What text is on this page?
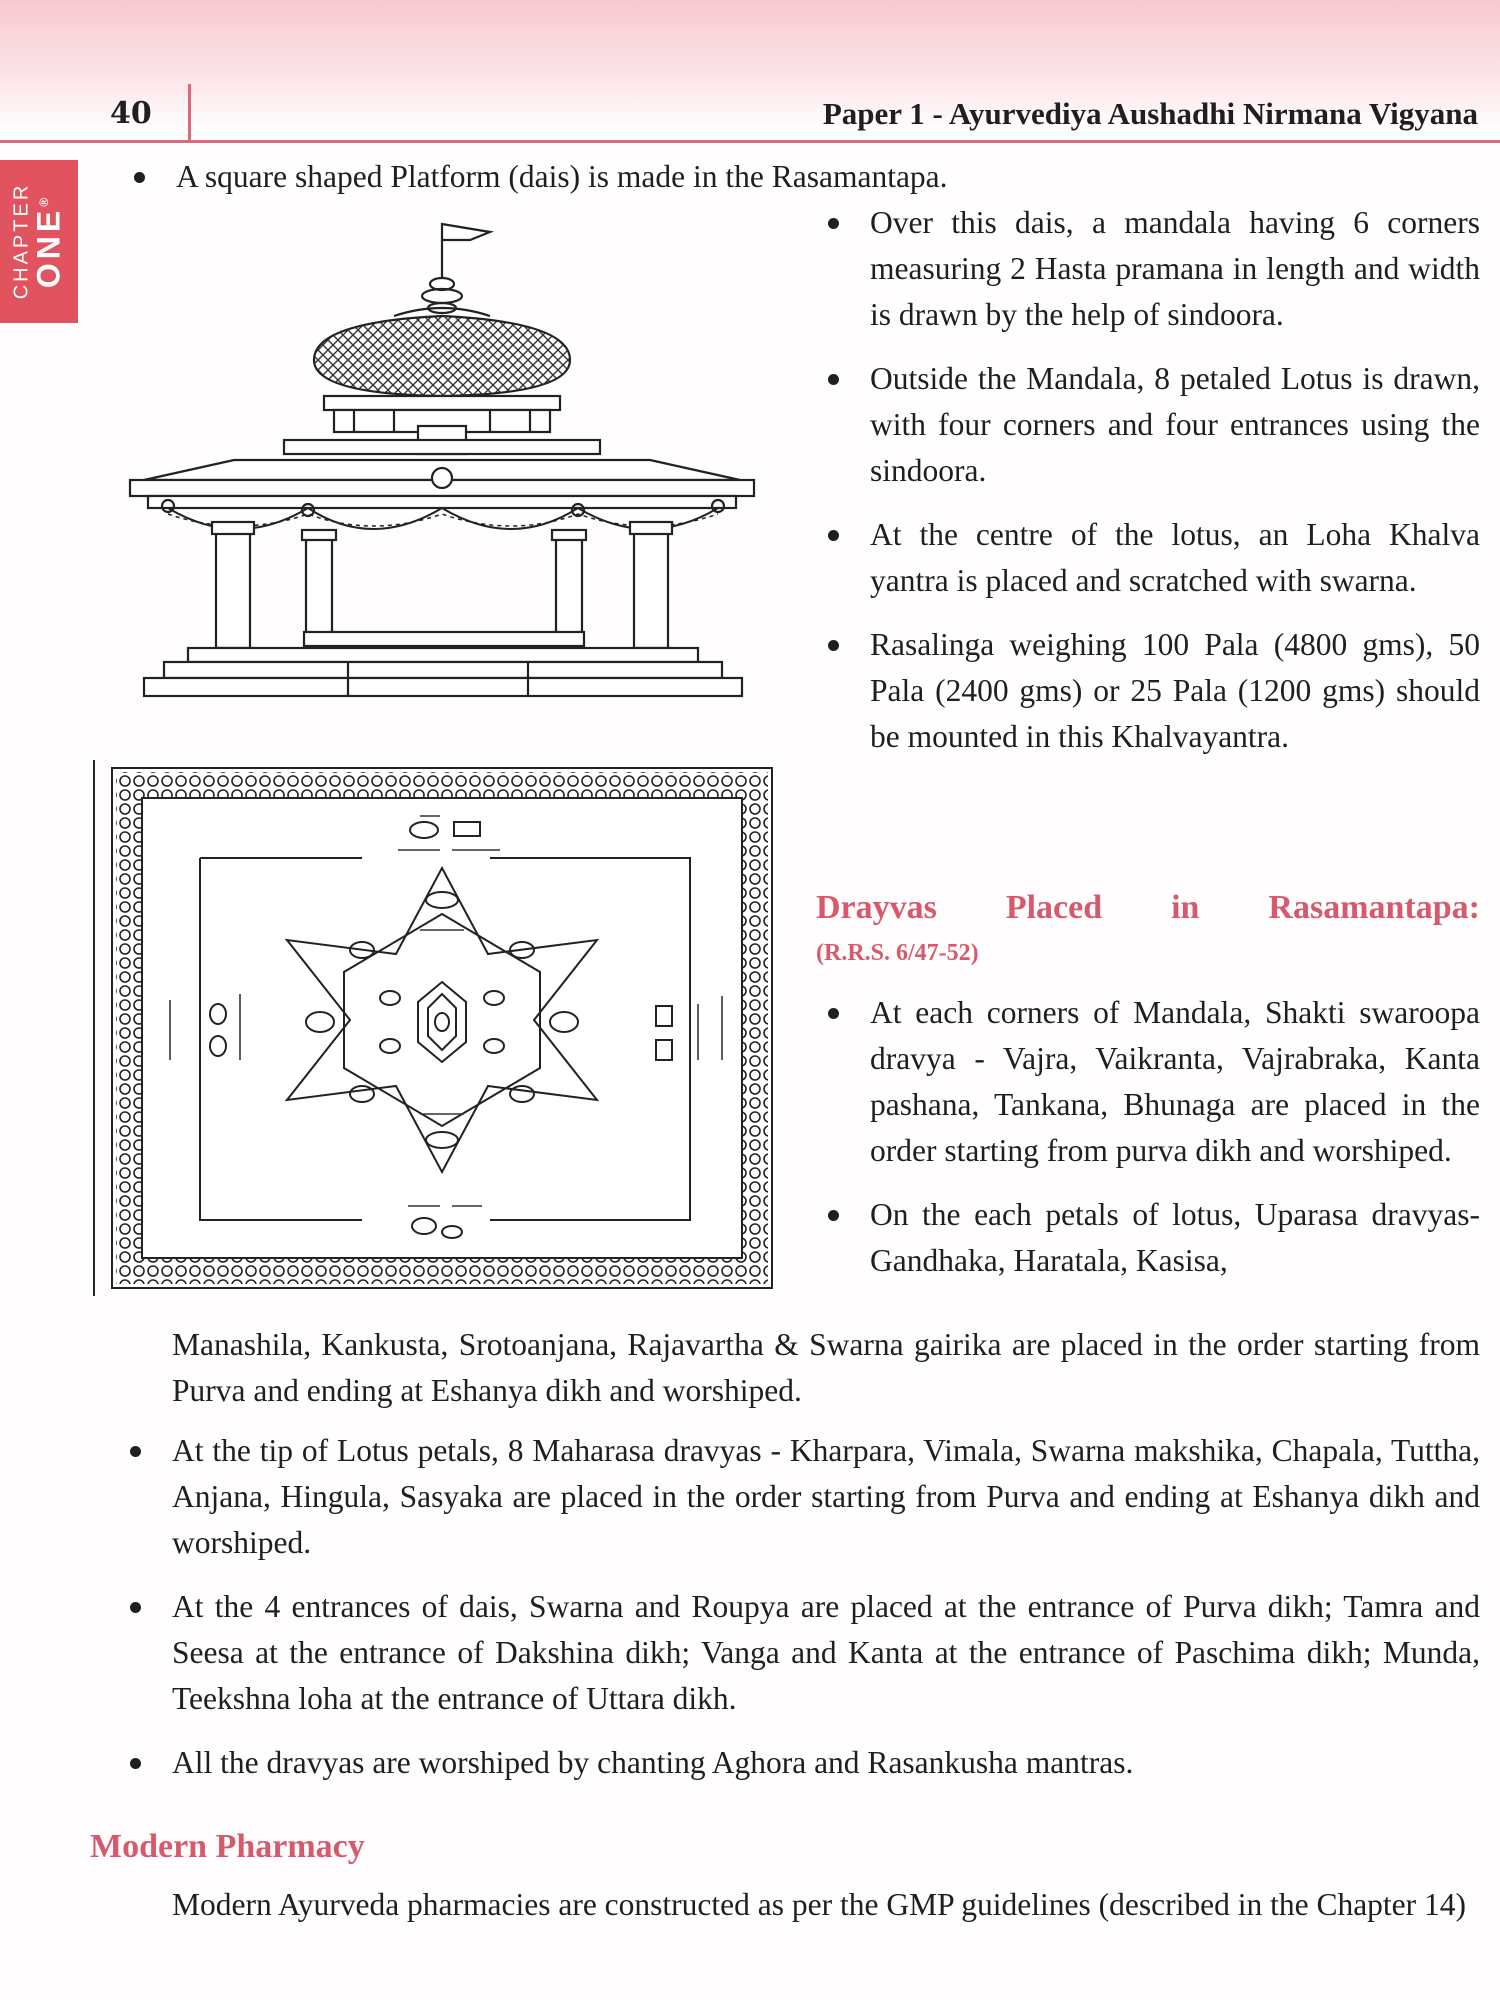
40	Paper 1 - Ayurvediya Aushadhi Nirmana Vigyana
CHAPTER
ONE®

A square shaped Platform (dais) is made in the Rasamantapa.

Over this dais, a mandala having 6 corners measuring 2 Hasta pramana in length and width is drawn by the help of sindoora.

Outside the Mandala, 8 petaled Lotus is drawn, with four corners and four entrances using the sindoora.

At the centre of the lotus, an Loha Khalva yantra is placed and scratched with swarna.

Rasalinga weighing 100 Pala (4800 gms), 50 Pala (2400 gms) or 25 Pala (1200 gms) should be mounted in this Khalvayantra.

Drayvas Placed in Rasamantapa:
(R.R.S. 6/47-52)

At each corners of Mandala, Shakti swaroopa dravya - Vajra, Vaikranta, Vajrabraka, Kanta pashana, Tankana, Bhunaga are placed in the order starting from purva dikh and worshiped.

On the each petals of lotus, Uparasa dravyas- Gandhaka, Haratala, Kasisa,

Manashila, Kankusta, Srotoanjana, Rajavartha & Swarna gairika are placed in the order starting from Purva and ending at Eshanya dikh and worshiped.

At the tip of Lotus petals, 8 Maharasa dravyas - Kharpara, Vimala, Swarna makshika, Chapala, Tuttha, Anjana, Hingula, Sasyaka are placed in the order starting from Purva and ending at Eshanya dikh and worshiped.

At the 4 entrances of dais, Swarna and Roupya are placed at the entrance of Purva dikh; Tamra and Seesa at the entrance of Dakshina dikh; Vanga and Kanta at the entrance of Paschima dikh; Munda, Teekshna loha at the entrance of Uttara dikh.

All the dravyas are worshiped by chanting Aghora and Rasankusha mantras.

Modern Pharmacy

Modern Ayurveda pharmacies are constructed as per the GMP guidelines (described in the Chapter 14)
